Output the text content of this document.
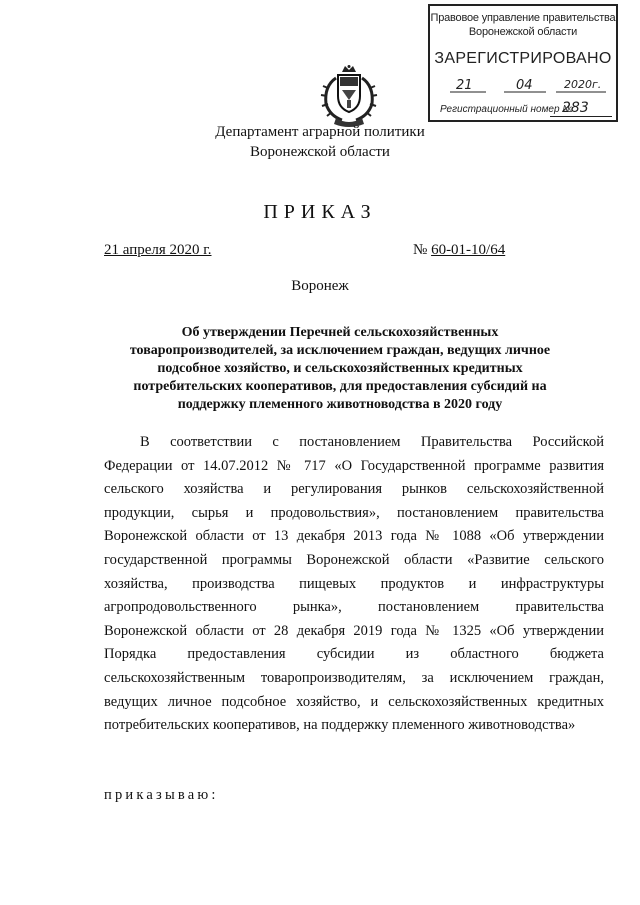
Правовое управление правительства
Воронежской области
ЗАРЕГИСТРИРОВАНО
21	04	2020г.
Регистрационный номер №
283
Департамент аграрной политики
Воронежской области
ПРИКАЗ
21 апреля 2020 г.	№ 60-01-10/64
Воронеж
Об утверждении Перечней сельскохозяйственных товаропроизводителей, за исключением граждан, ведущих личное подсобное хозяйство, и сельскохозяйственных кредитных потребительских кооперативов, для предоставления субсидий на поддержку племенного животноводства в 2020 году
В соответствии с постановлением Правительства Российской
Федерации от 14.07.2012 № 717 «О Государственной программе развития
сельского хозяйства и регулирования рынков сельскохозяйственной
продукции, сырья и продовольствия», постановлением правительства
Воронежской области от 13 декабря 2013 года № 1088 «Об утверждении
государственной программы Воронежской области «Развитие сельского
хозяйства, производства пищевых продуктов и инфраструктуры
агропродовольственного рынка», постановлением правительства
Воронежской области от 28 декабря 2019 года № 1325 «Об утверждении
Порядка предоставления субсидии из областного бюджета
сельскохозяйственным товаропроизводителям, за исключением граждан,
ведущих личное подсобное хозяйство, и сельскохозяйственных кредитных
потребительских кооперативов, на поддержку племенного животноводства»
приказываю:
